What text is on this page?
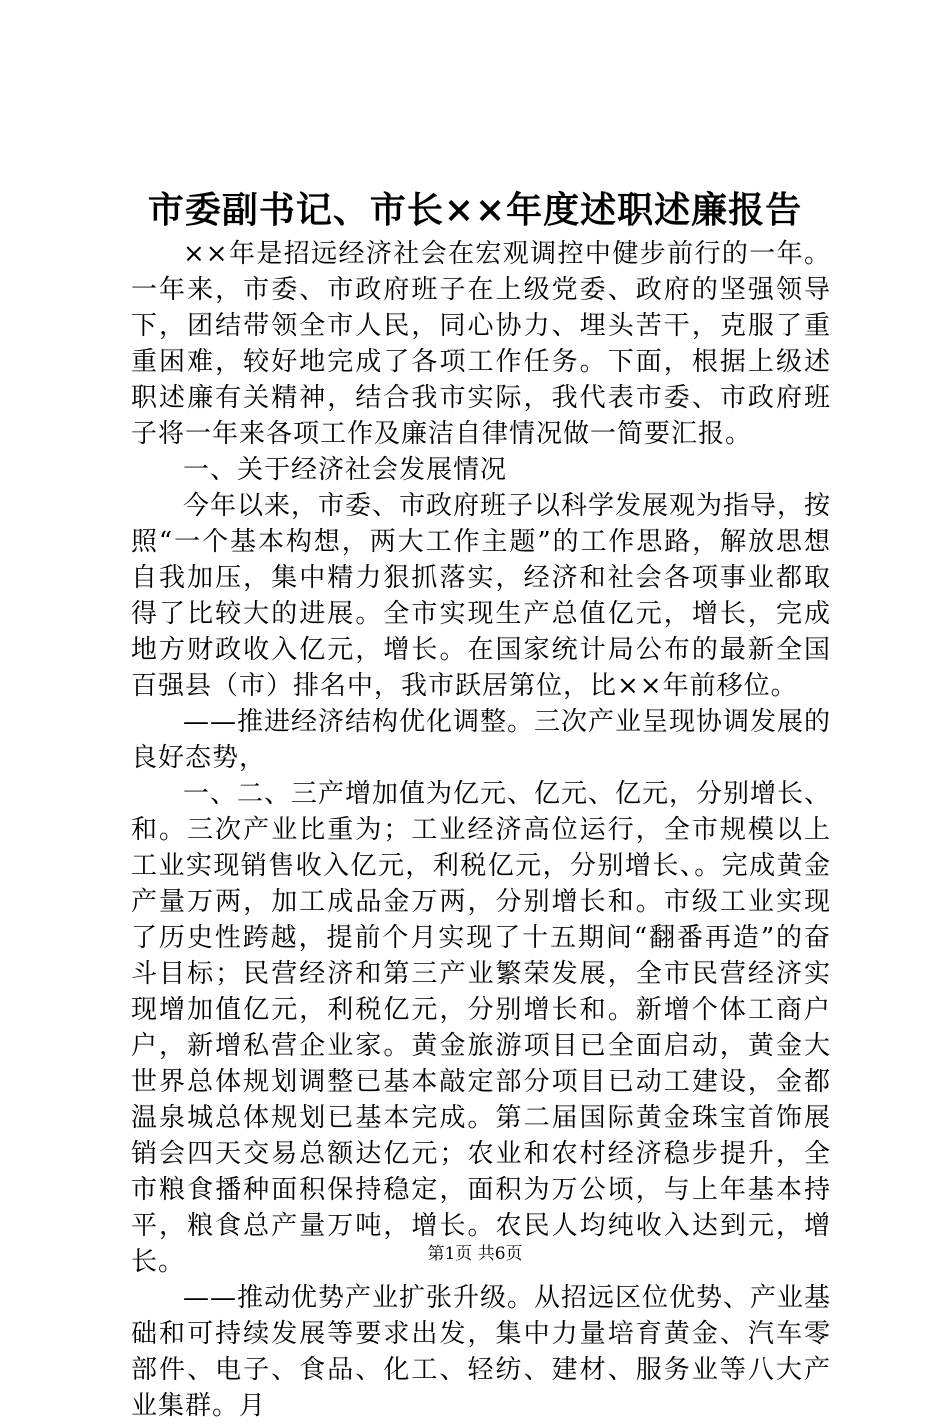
市委副书记、市长××年度述职述廉报告

××年是招远经济社会在宏观调控中健步前行的一年。一年来，市委、市政府班子在上级党委、政府的坚强领导下，团结带领全市人民，同心协力、埋头苦干，克服了重重困难，较好地完成了各项工作任务。下面，根据上级述职述廉有关精神，结合我市实际，我代表市委、市政府班子将一年来各项工作及廉洁自律情况做一简要汇报。

一、关于经济社会发展情况

今年以来，市委、市政府班子以科学发展观为指导，按照“一个基本构想，两大工作主题”的工作思路，解放思想自我加压，集中精力狠抓落实，经济和社会各项事业都取得了比较大的进展。全市实现生产总值亿元，增长，完成地方财政收入亿元，增长。在国家统计局公布的最新全国百强县（市）排名中，我市跃居第位，比××年前移位。

——推进经济结构优化调整。三次产业呈现协调发展的良好态势，

一、二、三产增加值为亿元、亿元、亿元，分别增长、和。三次产业比重为；工业经济高位运行，全市规模以上工业实现销售收入亿元，利税亿元，分别增长、。完成黄金产量万两，加工成品金万两，分别增长和。市级工业实现了历史性跨越，提前个月实现了十五期间“翻番再造”的奋斗目标；民营经济和第三产业繁荣发展，全市民营经济实现增加值亿元，利税亿元，分别增长和。新增个体工商户户，新增私营企业家。黄金旅游项目已全面启动，黄金大世界总体规划调整已基本敲定部分项目已动工建设，金都温泉城总体规划已基本完成。第二届国际黄金珠宝首饰展销会四天交易总额达亿元；农业和农村经济稳步提升，全市粮食播种面积保持稳定，面积为万公顷，与上年基本持平，粮食总产量万吨，增长。农民人均纯收入达到元，增长。

——推动优势产业扩张升级。从招远区位优势、产业基础和可持续发展等要求出发，集中力量培育黄金、汽车零部件、电子、食品、化工、轻纺、建材、服务业等八大产业集群。月

第1页 共6页
